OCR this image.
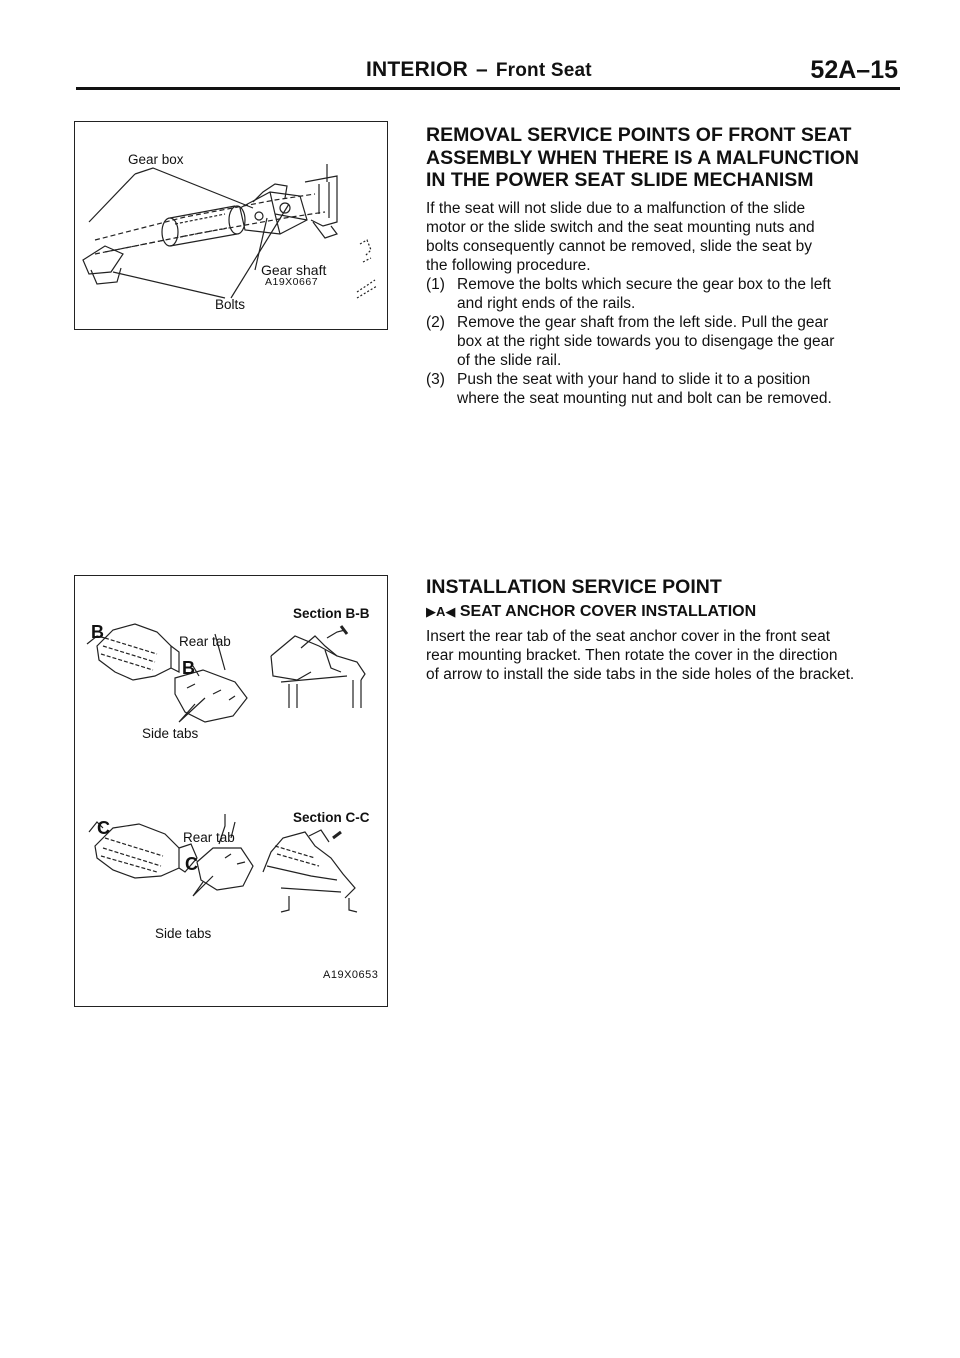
INTERIOR – Front Seat	52A–15
Gear box
Gear shaft
A19X0667
Bolts
Section B-B
B	Rear tab
B
Side tabs
Section C-C
C	Rear tab
C
Side tabs
A19X0653
REMOVAL SERVICE POINTS OF FRONT SEAT
ASSEMBLY WHEN THERE IS A MALFUNCTION
IN THE POWER SEAT SLIDE MECHANISM

If the seat will not slide due to a malfunction of the slide
motor or the slide switch and the seat mounting nuts and
bolts consequently cannot be removed, slide the seat by
the following procedure.

(1) Remove the bolts which secure the gear box to the left
and right ends of the rails.
(2) Remove the gear shaft from the left side. Pull the gear
box at the right side towards you to disengage the gear
of the slide rail.
(3) Push the seat with your hand to slide it to a position
where the seat mounting nut and bolt can be removed.
INSTALLATION SERVICE POINT
▶A◀ SEAT ANCHOR COVER INSTALLATION

Insert the rear tab of the seat anchor cover in the front seat
rear mounting bracket. Then rotate the cover in the direction
of arrow to install the side tabs in the side holes of the bracket.
